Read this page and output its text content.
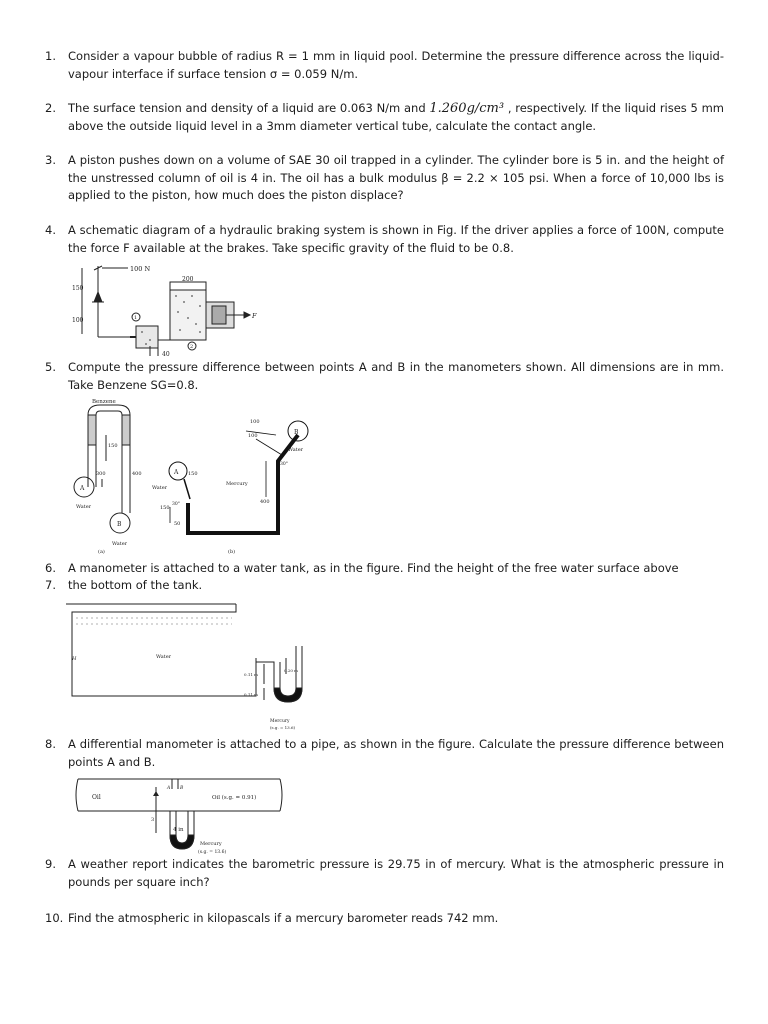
1. Consider a vapour bubble of radius R = 1 mm in liquid pool. Determine the pressure difference across the liquid-vapour interface if surface tension σ = 0.059 N/m.
2. The surface tension and density of a liquid are 0.063 N/m and 1.260g/cm³ , respectively. If the liquid rises 5 mm above the outside liquid level in a 3mm diameter vertical tube, calculate the contact angle.
3. A piston pushes down on a volume of SAE 30 oil trapped in a cylinder. The cylinder bore is 5 in. and the height of the unstressed column of oil is 4 in. The oil has a bulk modulus β = 2.2 × 105 psi. When a force of 10,000 lbs is applied to the piston, how much does the piston displace?
4. A schematic diagram of a hydraulic braking system is shown in Fig. If the driver applies a force of 100N, compute the force F available at the brakes. Take specific gravity of the fluid to be 0.8.
100 N
150
100
200
40
1
2
F
5. Compute the pressure difference between points A and B in the manometers shown. All dimensions are in mm. Take Benzene SG=0.8.
Benzene
150
300	400
A
B
Water
Water
(a)
100
100	B
Water
30°
A 150
Water
Mercury
400
150
30°
50
(b)
6. A manometer is attached to a water tank, as in the figure. Find the height of the free water surface above
7. the bottom of the tank.
H	Water
0.20 m
0.11 m
0.11 m
Mercury
(s.g. = 13.6)
8. A differential manometer is attached to a pipe, as shown in the figure. Calculate the pressure difference between points A and B.
Oil	Oil (s.g. = 0.91)
A B
3
4 in
Mercury
(s.g. = 13.6)
9. A weather report indicates the barometric pressure is 29.75 in of mercury. What is the atmospheric pressure in pounds per square inch?
10. Find the atmospheric in kilopascals if a mercury barometer reads 742 mm.
